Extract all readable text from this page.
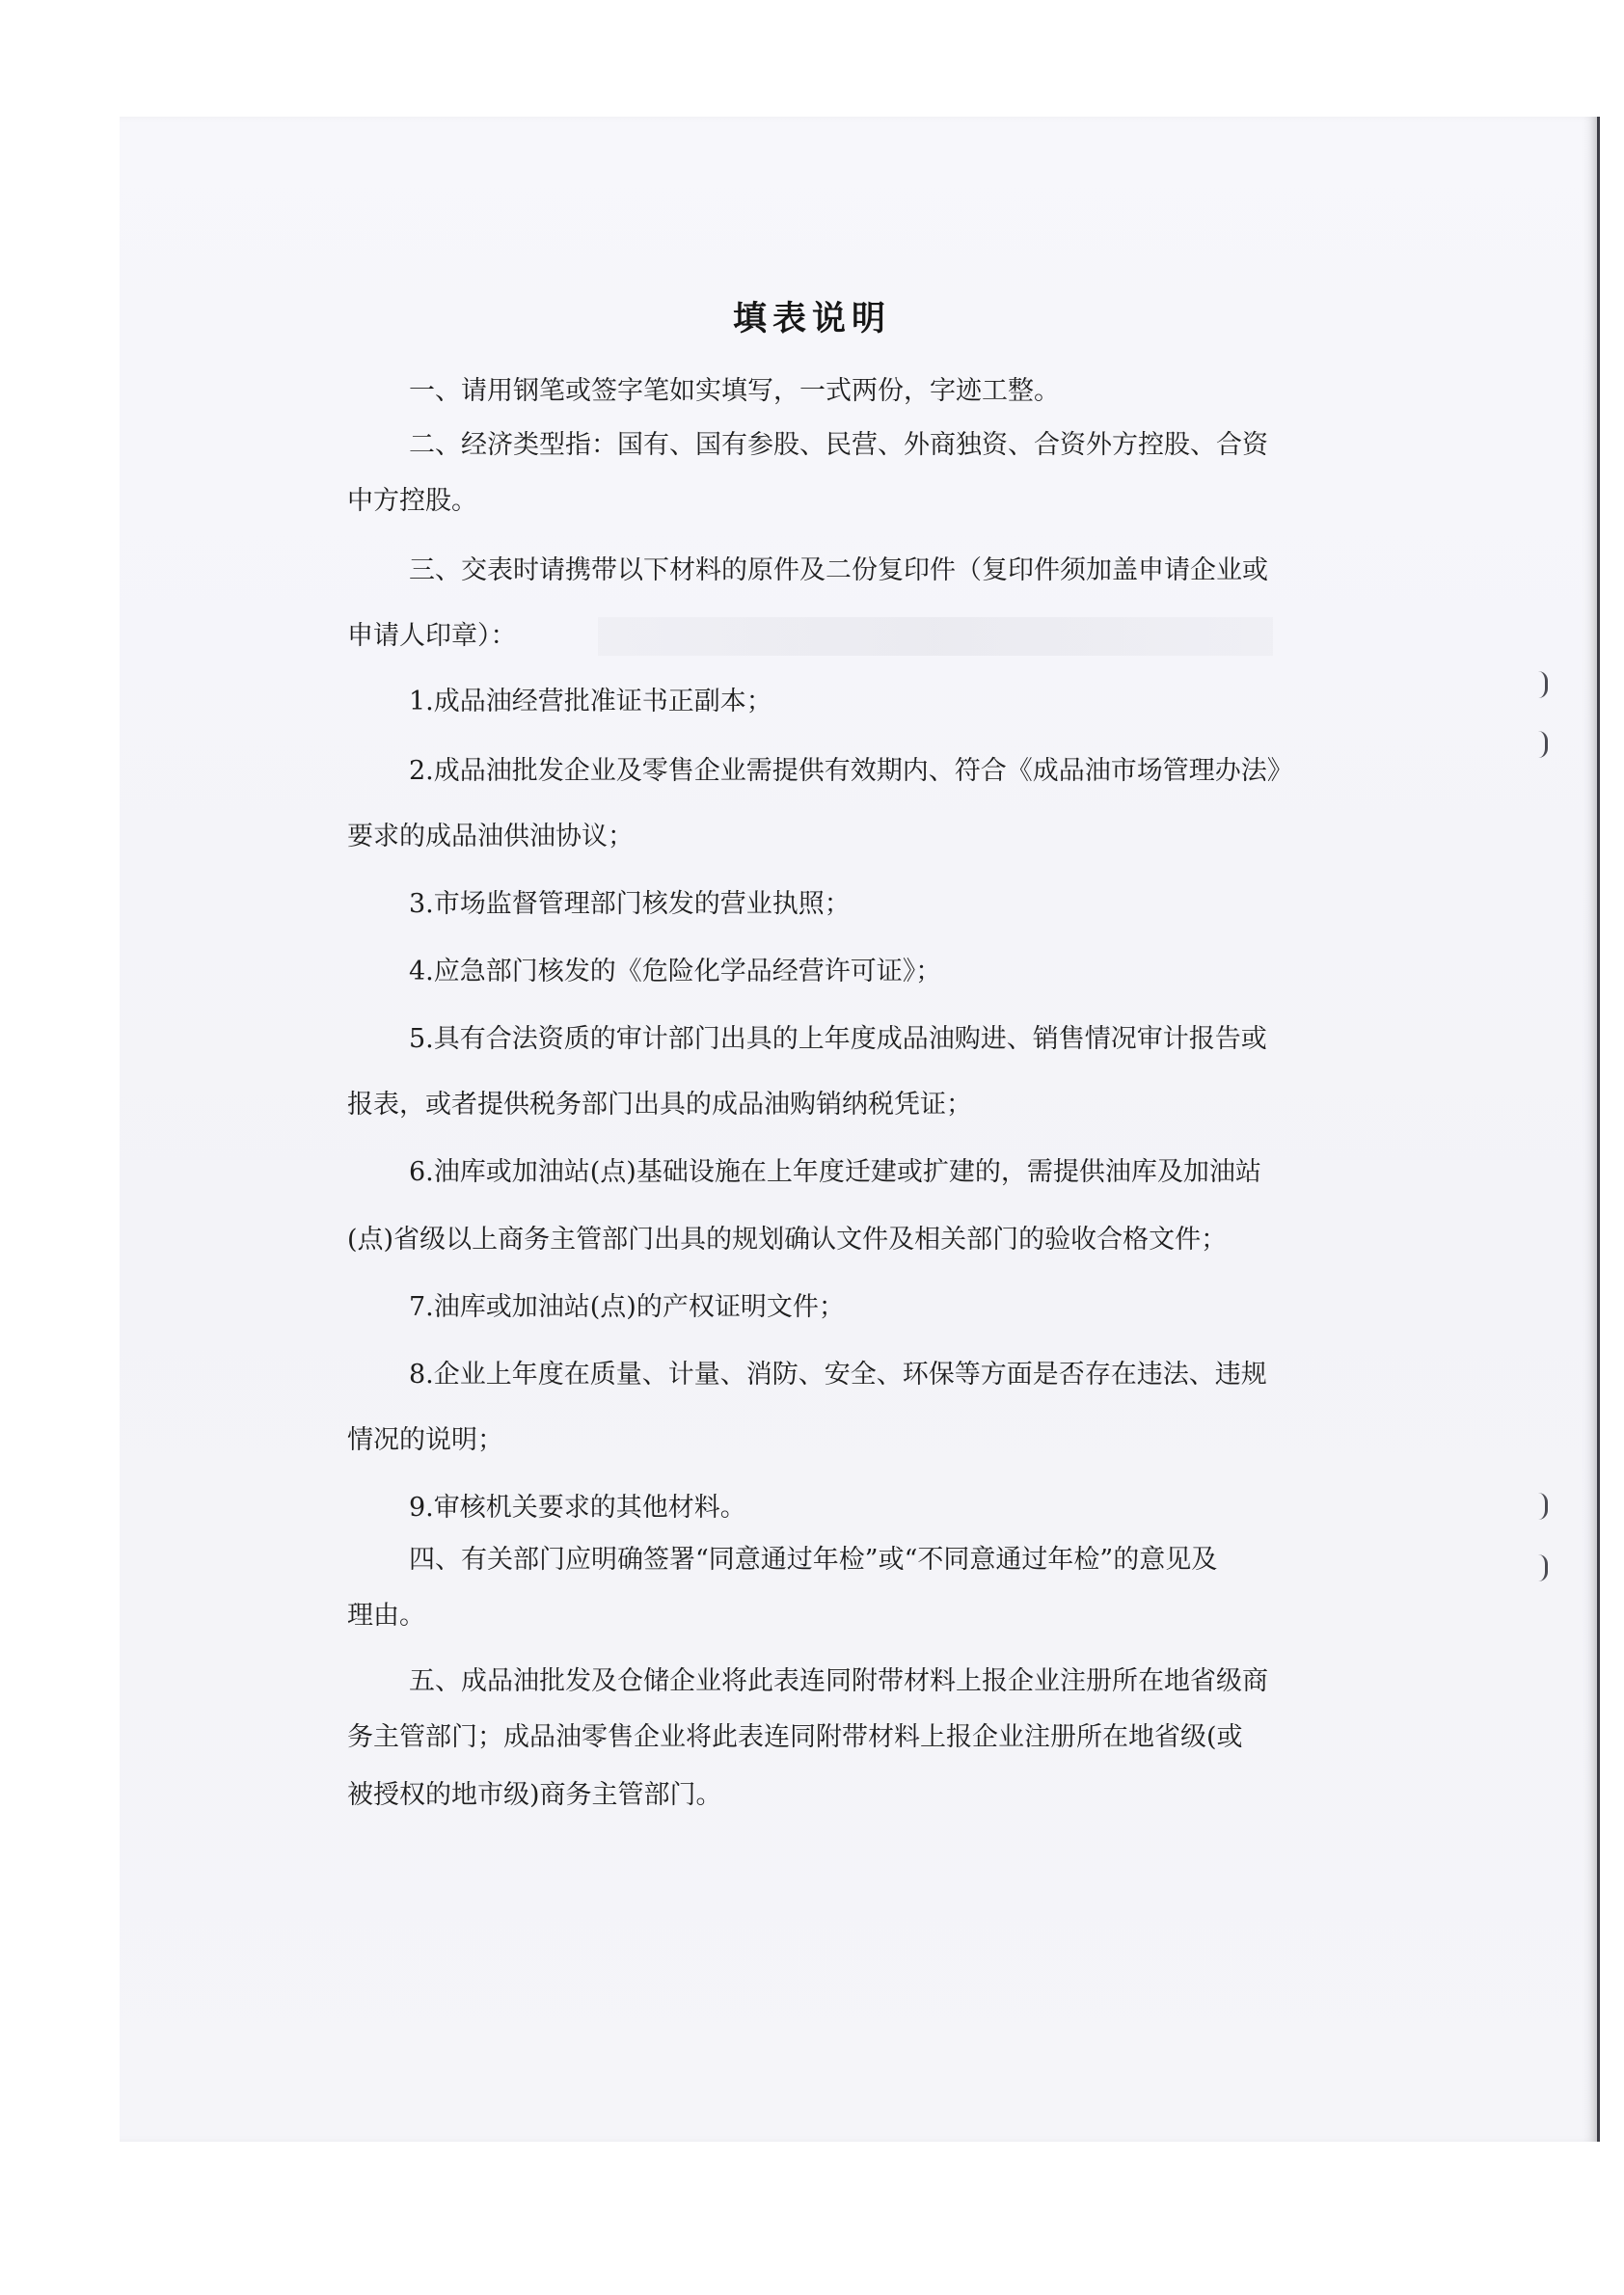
填表说明

一、请用钢笔或签字笔如实填写，一式两份，字迹工整。

二、经济类型指：国有、国有参股、民营、外商独资、合资外方控股、合资

中方控股。

三、交表时请携带以下材料的原件及二份复印件（复印件须加盖申请企业或

申请人印章）：

1.成品油经营批准证书正副本；

2.成品油批发企业及零售企业需提供有效期内、符合《成品油市场管理办法》

要求的成品油供油协议；

3.市场监督管理部门核发的营业执照；

4.应急部门核发的《危险化学品经营许可证》；

5.具有合法资质的审计部门出具的上年度成品油购进、销售情况审计报告或

报表，或者提供税务部门出具的成品油购销纳税凭证；

6.油库或加油站(点)基础设施在上年度迁建或扩建的，需提供油库及加油站

(点)省级以上商务主管部门出具的规划确认文件及相关部门的验收合格文件；

7.油库或加油站(点)的产权证明文件；

8.企业上年度在质量、计量、消防、安全、环保等方面是否存在违法、违规

情况的说明；

9.审核机关要求的其他材料。

四、有关部门应明确签署“同意通过年检”或“不同意通过年检”的意见及

理由。

五、成品油批发及仓储企业将此表连同附带材料上报企业注册所在地省级商

务主管部门；成品油零售企业将此表连同附带材料上报企业注册所在地省级(或

被授权的地市级)商务主管部门。
